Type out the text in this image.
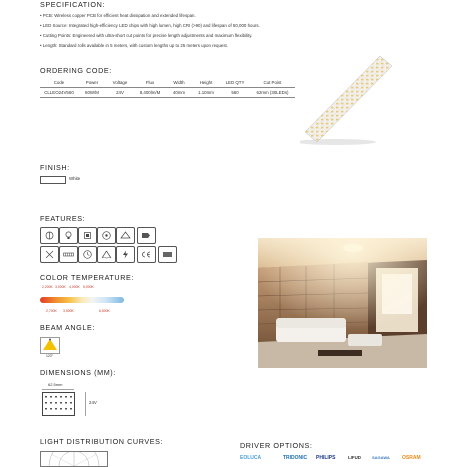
SPECIFICATION:
• PCB: Wireless copper PCB for efficient heat dissipation and extended lifespan.
• LED Source: Integrated high-efficiency LED chips with high lumen, high CRI (>90) and lifespan of 50,000 hours.
• Cutting Points: Engineered with ultra-short cut points for precise length adjustments and maximum flexibility.
• Length: Standard rolls available in 5 meters, with custom lengths up to 25 meters upon request.
ORDERING CODE:
Code	Power	Voltage	Flux	Width	Height	LED QTY	Cut Point
CLLEO24V560	60W/M	24V	8,400lm/M	40mm	1.10mm	560	62mm (30LEDs)
FINISH:
White
FEATURES:
COLOR TEMPERATURE:
2,200K 3,000K 4,000K 5,000K
2,700K 3,500K	6,500K
BEAM ANGLE:
120°
DIMENSIONS (MM):
62.5mm
24V
LIGHT DISTRIBUTION CURVES:	DRIVER OPTIONS:
EOLUCA	TRIDONIC PHILIPS	LIFUD	SAGAWA OSRAM
